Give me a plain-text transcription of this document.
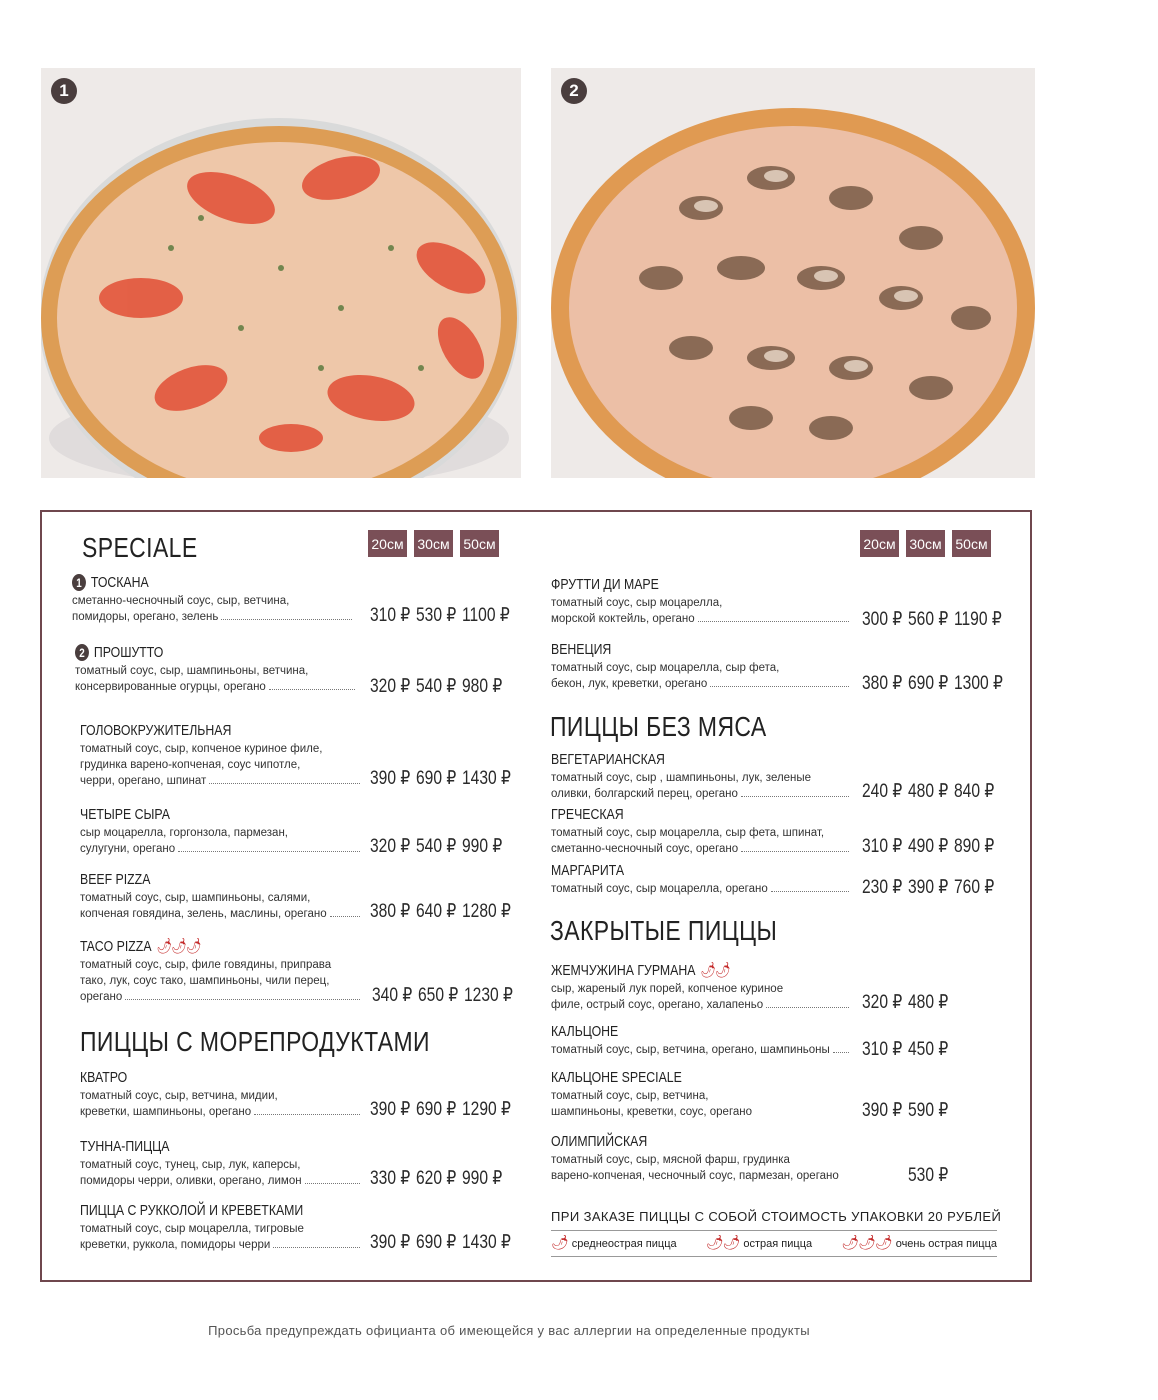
1	2
SPECIALE
ПИЦЦЫ С МОРЕПРОДУКТАМИ
ПИЦЦЫ БЕЗ МЯСА
ЗАКРЫТЫЕ ПИЦЦЫ
20см 30см 50см	20см 30см 50см
1 ТОСКАНА
сметанно-чесночный соус, сыр, ветчина,
помидоры, орегано, зелень	310 ₽ 530 ₽ 1100 ₽
2 ПРОШУТТО
томатный соус, сыр, шампиньоны, ветчина,
консервированные огурцы, орегано	320 ₽ 540 ₽ 980 ₽
ГОЛОВОКРУЖИТЕЛЬНАЯ
томатный соус, сыр, копченое куриное филе,
грудинка варено-копченая, соус чипотле,
черри, орегано, шпинат	390 ₽ 690 ₽ 1430 ₽
ЧЕТЫРЕ СЫРА
сыр моцарелла, горгонзола, пармезан,
сулугуни, орегано	320 ₽ 540 ₽ 990 ₽
BEEF PIZZA
томатный соус, сыр, шампиньоны, салями,
копченая говядина, зелень, маслины, орегано 380 ₽ 640 ₽ 1280 ₽
TACO PIZZA 🌶🌶🌶
томатный соус, сыр, филе говядины, приправа
тако, лук, соус тако, шампиньоны, чили перец,
орегано	340 ₽ 650 ₽ 1230 ₽
КВАТРО
томатный соус, сыр, ветчина, мидии,
креветки, шампиньоны, орегано	390 ₽ 690 ₽ 1290 ₽
ТУННА-ПИЦЦА
томатный соус, тунец, сыр, лук, каперсы,
помидоры черри, оливки, орегано, лимон	330 ₽ 620 ₽ 990 ₽
ПИЦЦА С РУККОЛОЙ И КРЕВЕТКАМИ
томатный соус, сыр моцарелла, тигровые
креветки, руккола, помидоры черри	390 ₽ 690 ₽ 1430 ₽
ФРУТТИ ДИ МАРЕ
томатный соус, сыр моцарелла,
морской коктейль, орегано	300 ₽ 560 ₽ 1190 ₽
ВЕНЕЦИЯ
томатный соус, сыр моцарелла, сыр фета,
бекон, лук, креветки, орегано	380 ₽ 690 ₽ 1300 ₽
ВЕГЕТАРИАНСКАЯ
томатный соус, сыр , шампиньоны, лук, зеленые
оливки, болгарский перец, орегано	240 ₽ 480 ₽ 840 ₽
ГРЕЧЕСКАЯ
томатный соус, сыр моцарелла, сыр фета, шпинат,
сметанно-чесночный соус, орегано	310 ₽ 490 ₽ 890 ₽
МАРГАРИТА
томатный соус, сыр моцарелла, орегано	230 ₽ 390 ₽ 760 ₽
ЖЕМЧУЖИНА ГУРМАНА 🌶🌶
сыр, жареный лук порей, копченое куриное
филе, острый соус, орегано, халапеньо	320 ₽ 480 ₽
КАЛЬЦОНЕ
томатный соус, сыр, ветчина, орегано, шампиньоны 310 ₽ 450 ₽
КАЛЬЦОНЕ SPECIALE
томатный соус, сыр, ветчина,
шампиньоны, креветки, соус, орегано	390 ₽ 590 ₽
ОЛИМПИЙСКАЯ
томатный соус, сыр, мясной фарш, грудинка
варено-копченая, чесночный соус, пармезан, орегано	530 ₽
ПРИ ЗАКАЗЕ ПИЦЦЫ С СОБОЙ СТОИМОСТЬ УПАКОВКИ 20 РУБЛЕЙ
🌶 среднеострая пицца 🌶🌶 острая пицца 🌶🌶🌶 очень острая пицца
Просьба предупреждать официанта об имеющейся у вас аллергии на определенные продукты
